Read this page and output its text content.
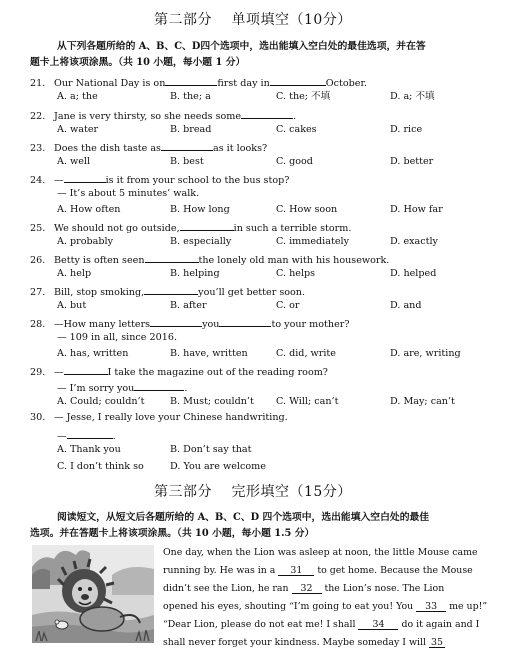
第二部分　 单项填空（10分）
从下列各题所给的 A、B、C、D四个选项中，选出能填入空白处的最佳选项，并在答
题卡上将该项涂黑。（共 10 小题，每小题 1 分）
21. Our National Day is on	first day in	October.
A. a; the	B. the; a	C. the; 不填	D. a; 不填
22. Jane is very thirsty, so she needs some	.
A. water	B. bread	C. cakes	D. rice
23. Does the dish taste as	as it looks?
A. well	B. best	C. good	D. better
24. —	is it from your school to the bus stop?
— It’s about 5 minutes’ walk.
A. How often	B. How long	C. How soon	D. How far
25. We should not go outside,	in such a terrible storm.
A. probably	B. especially	C. immediately	D. exactly
26. Betty is often seen	the lonely old man with his housework.
A. help	B. helping	C. helps	D. helped
27. Bill, stop smoking,	you’ll get better soon.
A. but	B. after	C. or	D. and
28. —How many letters	you	to your mother?
— 109 in all, since 2016.
A. has, written	B. have, written	C. did, write	D. are, writing
29. —	I take the magazine out of the reading room?
— I’m sorry you	.
A. Could; couldn’t	B. Must; couldn’t C. Will; can’t	D. May; can’t
30. — Jesse, I really love your Chinese handwriting.
—	.
A. Thank you	B. Don’t say that
C. I don’t think so	D. You are welcome
第三部分　 完形填空（15分）
阅读短文，从短文后各题所给的 A、B、C、D 四个选项中，选出能填入空白处的最佳
选项。并在答题卡上将该项涂黑。（共 10 小题，每小题 1.5 分）
One day, when the Lion was asleep at noon, the little Mouse came
running by. He was in a 31 to get home. Because the Mouse
didn’t see the Lion, he ran 32 the Lion’s nose. The Lion
opened his eyes, shouting “I’m going to eat you! You 33 me up!”
“Dear Lion, please do not eat me! I shall 34 do it again and I
shall never forget your kindness. Maybe someday I will 35
